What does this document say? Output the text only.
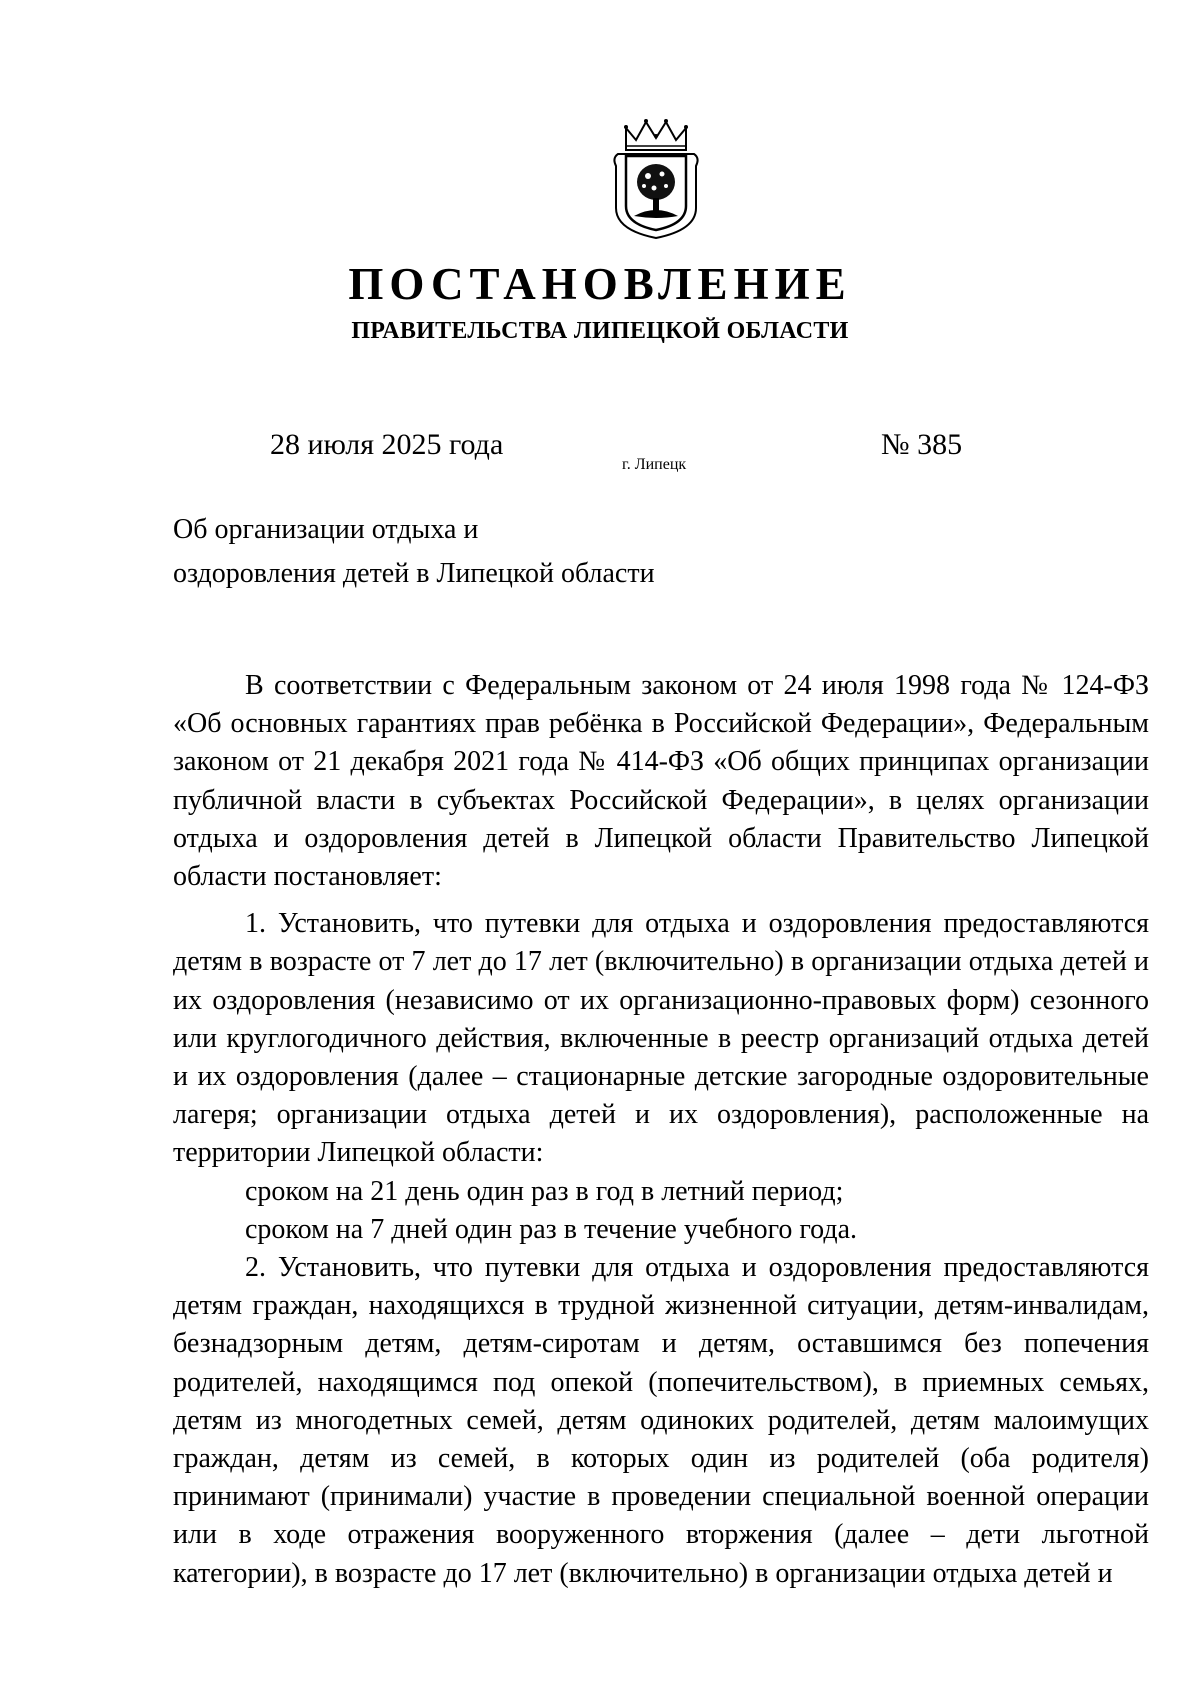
ПОСТАНОВЛЕНИЕ
ПРАВИТЕЛЬСТВА ЛИПЕЦКОЙ ОБЛАСТИ
28 июля 2025 года
г. Липецк
№ 385
Об организации отдыха и
оздоровления детей в Липецкой области

В соответствии с Федеральным законом от 24 июля 1998 года № 124-ФЗ «Об основных гарантиях прав ребёнка в Российской Федерации», Федеральным законом от 21 декабря 2021 года № 414-ФЗ «Об общих принципах организации публичной власти в субъектах Российской Федерации», в целях организации отдыха и оздоровления детей в Липецкой области Правительство Липецкой области постановляет:

1. Установить, что путевки для отдыха и оздоровления предоставляются детям в возрасте от 7 лет до 17 лет (включительно) в организации отдыха детей и их оздоровления (независимо от их организационно-правовых форм) сезонного или круглогодичного действия, включенные в реестр организаций отдыха детей и их оздоровления (далее – стационарные детские загородные оздоровительные лагеря; организации отдыха детей и их оздоровления), расположенные на территории Липецкой области:

сроком на 21 день один раз в год в летний период;

сроком на 7 дней один раз в течение учебного года.

2. Установить, что путевки для отдыха и оздоровления предоставляются детям граждан, находящихся в трудной жизненной ситуации, детям-инвалидам, безнадзорным детям, детям-сиротам и детям, оставшимся без попечения родителей, находящимся под опекой (попечительством), в приемных семьях, детям из многодетных семей, детям одиноких родителей, детям малоимущих граждан, детям из семей, в которых один из родителей (оба родителя) принимают (принимали) участие в проведении специальной военной операции или в ходе отражения вооруженного вторжения (далее – дети льготной категории), в возрасте до 17 лет (включительно) в организации отдыха детей и
